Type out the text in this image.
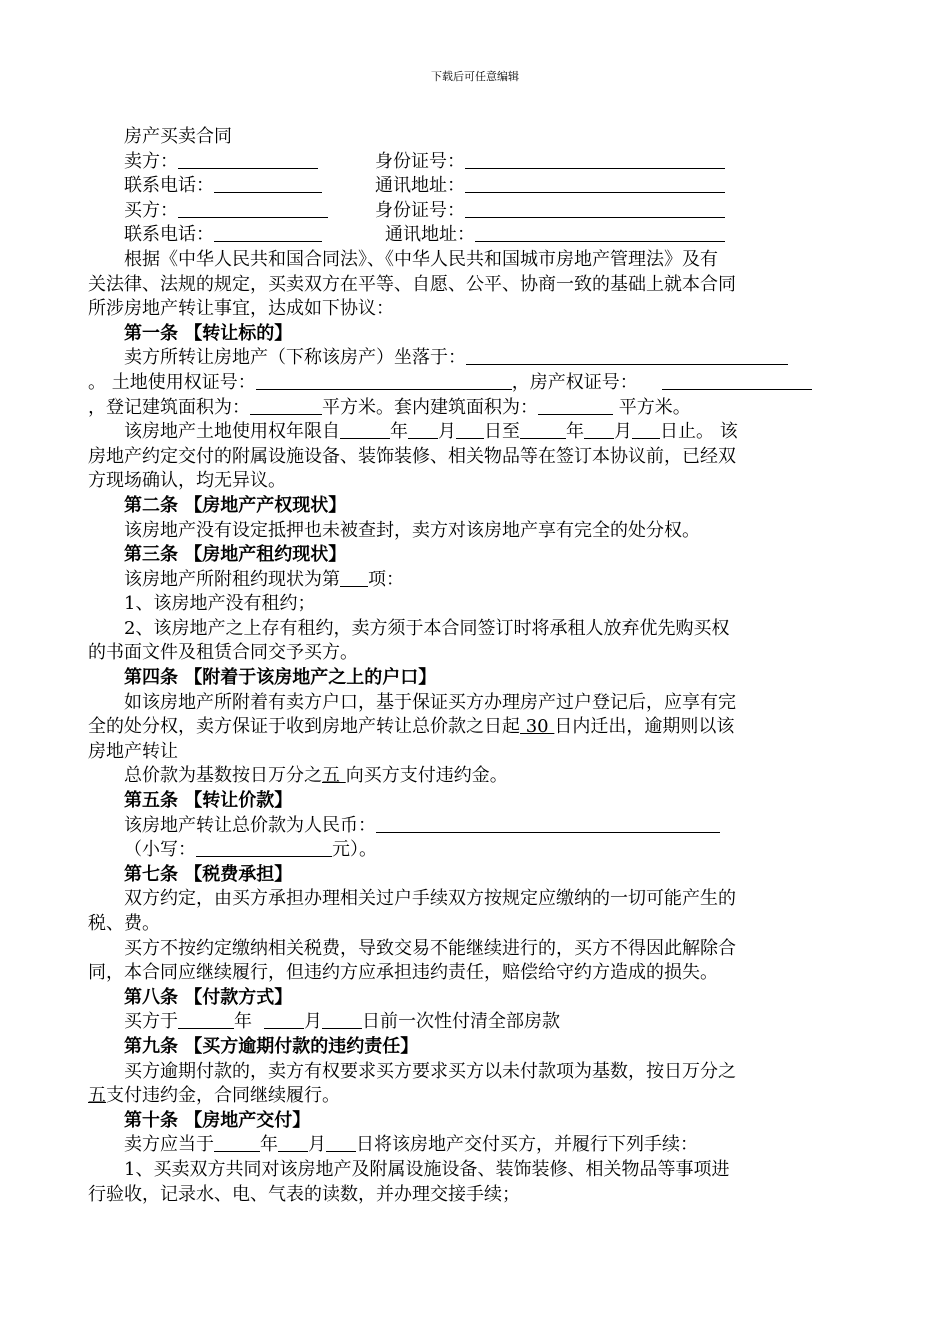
下载后可任意编辑
房产买卖合同
卖方：	身份证号：
联系电话：	通讯地址：
买方：	身份证号：
联系电话：	通讯地址：
根据《中华人民共和国合同法》、《中华人民共和国城市房地产管理法》及有
关法律、法规的规定，买卖双方在平等、自愿、公平、协商一致的基础上就本合同
所涉房地产转让事宜，达成如下协议：
第一条 【转让标的】
卖方所转让房地产（下称该房产）坐落于：
。 土地使用权证号：	，房产权证号：
，登记建筑面积为：	平方米。套内建筑面积为：	平方米。
该房地产土地使用权年限自	年 月 日至	年 月 日止。 该
房地产约定交付的附属设施设备、装饰装修、相关物品等在签订本协议前，已经双
方现场确认，均无异议。
第二条 【房地产产权现状】
该房地产没有设定抵押也未被查封，卖方对该房地产享有完全的处分权。
第三条 【房地产租约现状】
该房地产所附租约现状为第 项：
1、该房地产没有租约；
2、该房地产之上存有租约，卖方须于本合同签订时将承租人放弃优先购买权
的书面文件及租赁合同交予买方。
第四条 【附着于该房地产之上的户口】
如该房地产所附着有卖方户口，基于保证买方办理房产过户登记后，应享有完
全的处分权，卖方保证于收到房地产转让总价款之日起 30 日内迁出，逾期则以该
房地产转让
总价款为基数按日万分之五 向买方支付违约金。
第五条 【转让价款】
该房地产转让总价款为人民币：
（小写：	元）。
第七条 【税费承担】
双方约定，由买方承担办理相关过户手续双方按规定应缴纳的一切可能产生的
税、费。
买方不按约定缴纳相关税费，导致交易不能继续进行的，买方不得因此解除合
同，本合同应继续履行，但违约方应承担违约责任，赔偿给守约方造成的损失。
第八条 【付款方式】
买方于	年	月 日前一次性付清全部房款
第九条 【买方逾期付款的违约责任】
买方逾期付款的，卖方有权要求买方要求买方以未付款项为基数，按日万分之
五支付违约金，合同继续履行。
第十条 【房地产交付】
卖方应当于	年 月 日将该房地产交付买方，并履行下列手续：
1、买卖双方共同对该房地产及附属设施设备、装饰装修、相关物品等事项进
行验收，记录水、电、气表的读数，并办理交接手续；
